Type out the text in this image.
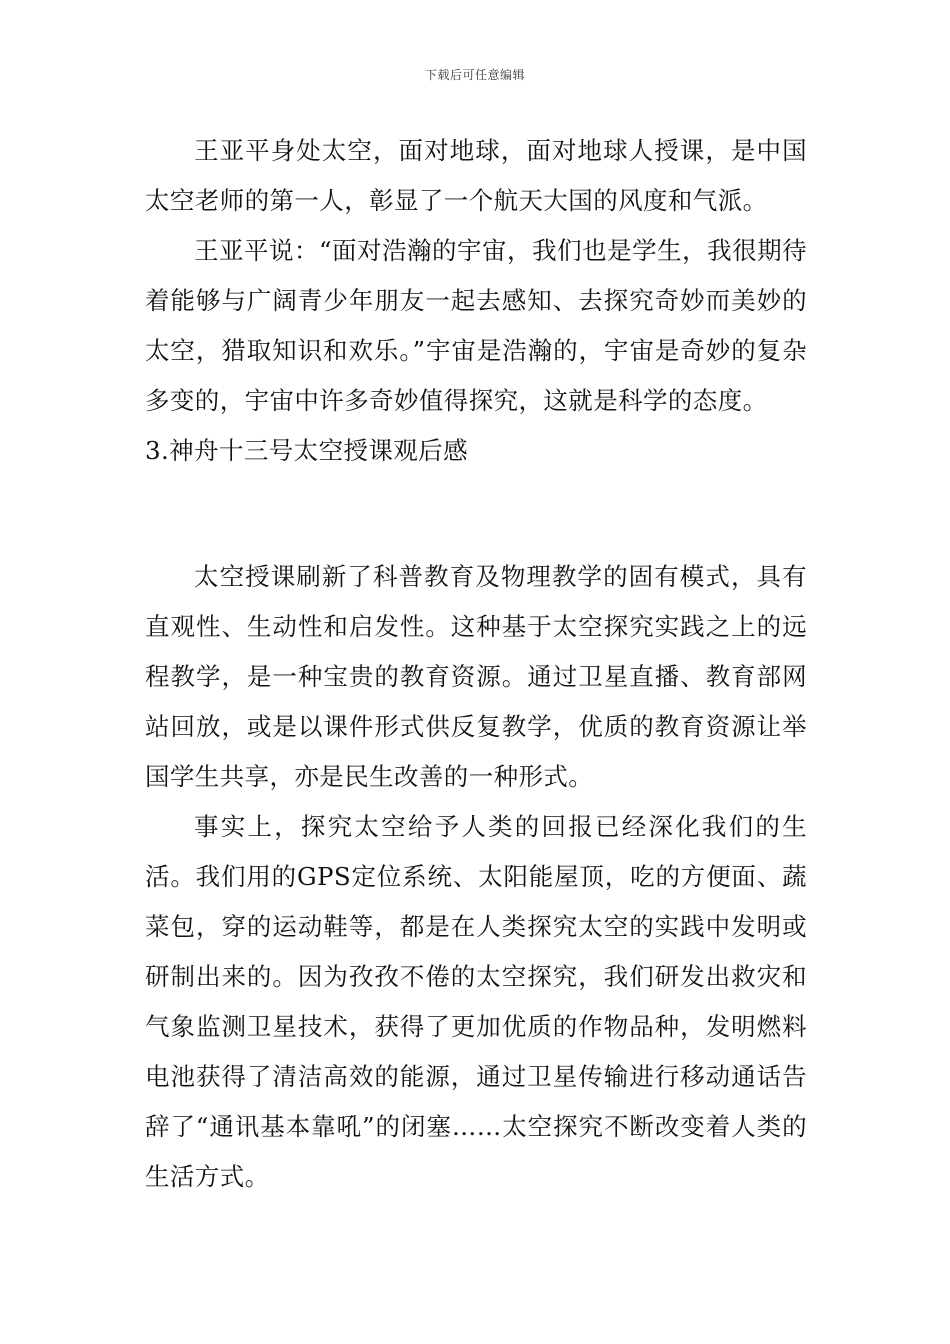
下载后可任意编辑

王亚平身处太空，面对地球，面对地球人授课，是中国太空老师的第一人，彰显了一个航天大国的风度和气派。

王亚平说：“面对浩瀚的宇宙，我们也是学生，我很期待着能够与广阔青少年朋友一起去感知、去探究奇妙而美妙的太空，猎取知识和欢乐。”宇宙是浩瀚的，宇宙是奇妙的复杂多变的，宇宙中许多奇妙值得探究，这就是科学的态度。

3.神舟十三号太空授课观后感

太空授课刷新了科普教育及物理教学的固有模式，具有直观性、生动性和启发性。这种基于太空探究实践之上的远程教学，是一种宝贵的教育资源。通过卫星直播、教育部网站回放，或是以课件形式供反复教学，优质的教育资源让举国学生共享，亦是民生改善的一种形式。

事实上，探究太空给予人类的回报已经深化我们的生活。我们用的GPS定位系统、太阳能屋顶，吃的方便面、蔬菜包，穿的运动鞋等，都是在人类探究太空的实践中发明或研制出来的。因为孜孜不倦的太空探究，我们研发出救灾和气象监测卫星技术，获得了更加优质的作物品种，发明燃料电池获得了清洁高效的能源，通过卫星传输进行移动通话告辞了“通讯基本靠吼”的闭塞……太空探究不断改变着人类的生活方式。
